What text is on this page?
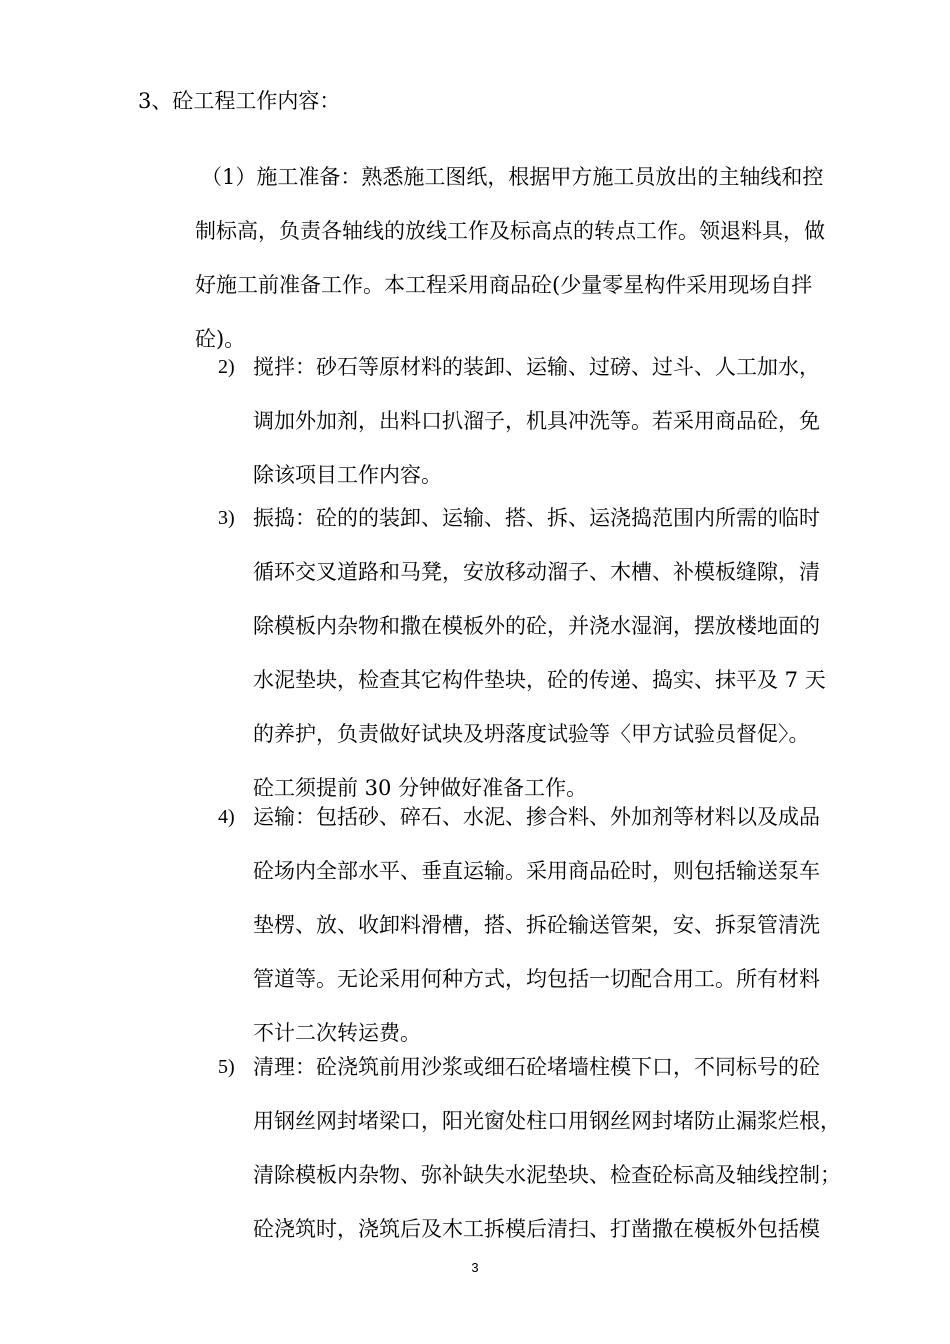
3、砼工程工作内容：
（1）施工准备：熟悉施工图纸，根据甲方施工员放出的主轴线和控
制标高，负责各轴线的放线工作及标高点的转点工作。领退料具，做
好施工前准备工作。本工程采用商品砼(少量零星构件采用现场自拌
砼)。
2) 搅拌：砂石等原材料的装卸、运输、过磅、过斗、人工加水，
调加外加剂，出料口扒溜子，机具冲洗等。若采用商品砼，免
除该项目工作内容。
3) 振捣：砼的的装卸、运输、搭、拆、运浇捣范围内所需的临时
循环交叉道路和马凳，安放移动溜子、木槽、补模板缝隙，清
除模板内杂物和撒在模板外的砼，并浇水湿润，摆放楼地面的
水泥垫块，检查其它构件垫块，砼的传递、捣实、抹平及 7 天
的养护，负责做好试块及坍落度试验等〈甲方试验员督促〉。
砼工须提前 30 分钟做好准备工作。
4) 运输：包括砂、碎石、水泥、掺合料、外加剂等材料以及成品
砼场内全部水平、垂直运输。采用商品砼时，则包括输送泵车
垫楞、放、收卸料滑槽，搭、拆砼输送管架，安、拆泵管清洗
管道等。无论采用何种方式，均包括一切配合用工。所有材料
不计二次转运费。
5) 清理：砼浇筑前用沙浆或细石砼堵墙柱模下口，不同标号的砼
用钢丝网封堵梁口，阳光窗处柱口用钢丝网封堵防止漏浆烂根，
清除模板内杂物、弥补缺失水泥垫块、检查砼标高及轴线控制；
砼浇筑时，浇筑后及木工拆模后清扫、打凿撒在模板外包括模
3
